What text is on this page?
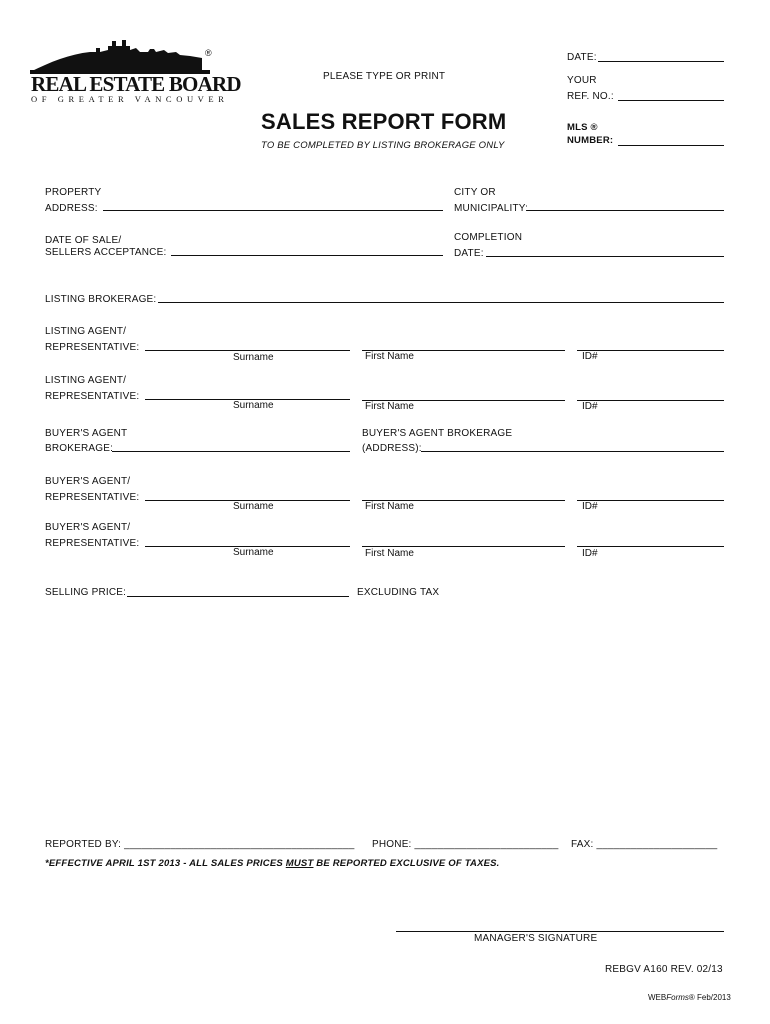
®
REAL ESTATE BOARD
OF GREATER VANCOUVER
PLEASE TYPE OR PRINT
SALES REPORT FORM
TO BE COMPLETED BY LISTING BROKERAGE ONLY
DATE:
YOUR
REF. NO.:
MLS ®
NUMBER:
PROPERTY
ADDRESS:
CITY OR
MUNICIPALITY:
DATE OF SALE/
SELLERS ACCEPTANCE:
COMPLETION
DATE:
LISTING BROKERAGE:
LISTING AGENT/
REPRESENTATIVE:
Surname	First Name	ID#
LISTING AGENT/
REPRESENTATIVE:
Surname	First Name	ID#
BUYER'S AGENT
BROKERAGE:
BUYER'S AGENT BROKERAGE
(ADDRESS):
BUYER'S AGENT/
REPRESENTATIVE:
Surname	First Name	ID#
BUYER'S AGENT/
REPRESENTATIVE:
Surname	First Name	ID#
SELLING PRICE:	EXCLUDING TAX
REPORTED BY: ________________________________________ PHONE: _________________________ FAX: _____________________
*EFFECTIVE APRIL 1ST 2013 - ALL SALES PRICES MUST BE REPORTED EXCLUSIVE OF TAXES.
MANAGER'S SIGNATURE
REBGV A160 REV. 02/13
WEBForms® Feb/2013
